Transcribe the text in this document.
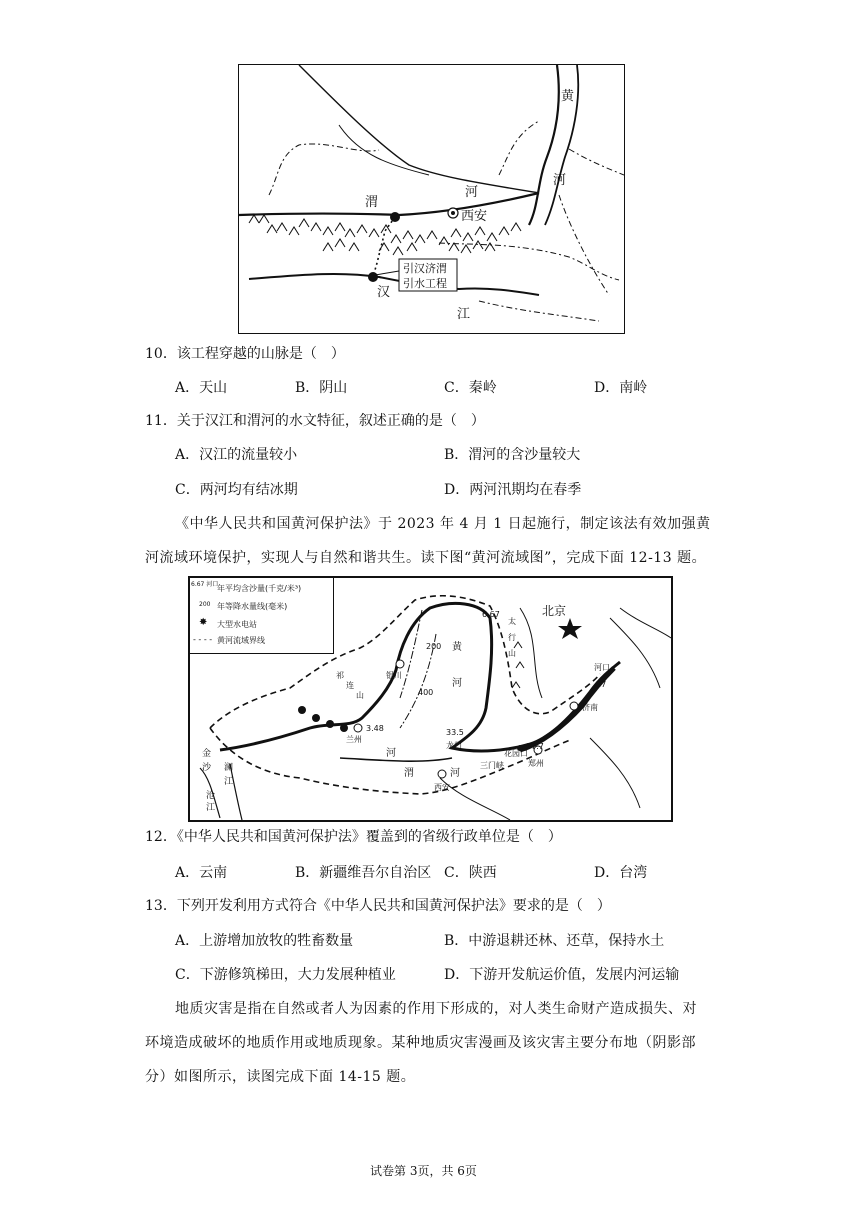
黄
河
渭
河
西安
汉
江
引汉济渭
引水工程
10．该工程穿越的山脉是（　）
A．天山	B．阴山	C．秦岭	D．南岭
11．关于汉江和渭河的水文特征，叙述正确的是（　）
A．汉江的流量较小	B．渭河的含沙量较大
C．两河均有结冰期	D．两河汛期均在春季
《中华人民共和国黄河保护法》于 2023 年 4 月 1 日起施行，制定该法有效加强黄
河流域环境保护，实现人与自然和谐共生。读下图“黄河流域图”，完成下面 12-13 题。
年平均含沙量(千克/米³)
6.67 河口
年等降水量线(毫米)
200
大型水电站
✸
黄河流域界线
- - - -
北京
太
行
山
银川
济南
郑州
西安
兰州
龙门
三门峡
花园口
河口
黄
河
河
渭	河
金
沙 澜
江
沧
江
祁
连
山
200
400
33.5
37.7
3.48
6.67
27
12．《中华人民共和国黄河保护法》覆盖到的省级行政单位是（　）
A．云南	B．新疆维吾尔自治区 C．陕西	D．台湾
13．下列开发利用方式符合《中华人民共和国黄河保护法》要求的是（　）
A．上游增加放牧的牲畜数量	B．中游退耕还林、还草，保持水土
C．下游修筑梯田，大力发展种植业	D．下游开发航运价值，发展内河运输
地质灾害是指在自然或者人为因素的作用下形成的，对人类生命财产造成损失、对
环境造成破坏的地质作用或地质现象。某种地质灾害漫画及该灾害主要分布地（阴影部
分）如图所示，读图完成下面 14-15 题。
试卷第 3页，共 6页
